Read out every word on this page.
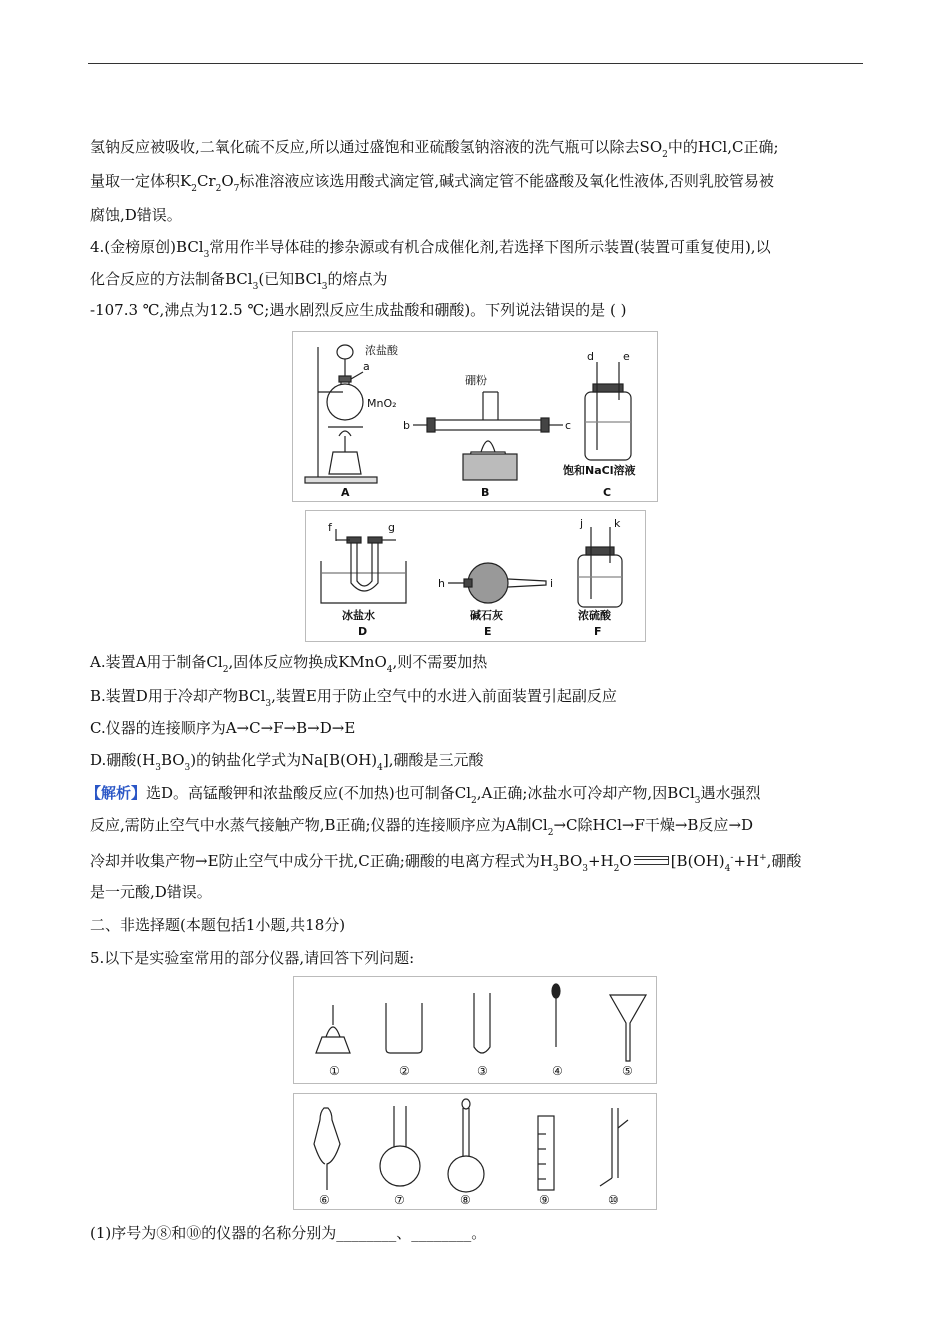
氢钠反应被吸收,二氧化硫不反应,所以通过盛饱和亚硫酸氢钠溶液的洗气瓶可以除去$SO_2$中的HCl,C正确;
量取一定体积$K_2Cr_2O_7$标准溶液应该选用酸式滴定管,碱式滴定管不能盛酸及氧化性液体,否则乳胶管易被
腐蚀,D错误。
4.(金榜原创)BCl$_3$常用作半导体硅的掺杂源或有机合成催化剂,若选择下图所示装置(装置可重复使用),以
化合反应的方法制备BCl$_3$(已知BCl$_3$的熔点为
-107.3 ℃,沸点为12.5 ℃;遇水剧烈反应生成盐酸和硼酸)。下列说法错误的是 ( )
浓盐酸
a
MnO₂
A
硼粉
b	c
B
d	e
饱和NaCl溶液
C
f	g
冰盐水
D
h	i
碱石灰
E
j	k
浓硫酸
F
A.装置A用于制备$Cl_2$,固体反应物换成KMnO$_4$,则不需要加热
B.装置D用于冷却产物BCl$_3$,装置E用于防止空气中的水进入前面装置引起副反应
C.仪器的连接顺序为A→C→F→B→D→E
D.硼酸$(H_3BO_3)$的钠盐化学式为$Na[B(OH)_4]$,硼酸是三元酸
【解析】选D。高锰酸钾和浓盐酸反应(不加热)也可制备$Cl_2,A$正确;冰盐水可冷却产物,因BCl$_3$遇水强烈
反应,需防止空气中水蒸气接触产物,B正确;仪器的连接顺序应为A制$Cl_2\to C$除HCl→F干燥→B反应→D
冷却并收集产物→E防止空气中成分干扰,C正确;硼酸的电离方程式为$H_3BO_3+H_2O$	[$B(OH)_4^-+H^+$,硼酸
是一元酸,D错误。
二、非选择题(本题包括1小题,共18分)
5.以下是实验室常用的部分仪器,请回答下列问题:
①	②	③	④	⑤
⑥	⑦	⑧	⑨	⑩
(1)序号为⑧和⑩的仪器的名称分别为________、________。
